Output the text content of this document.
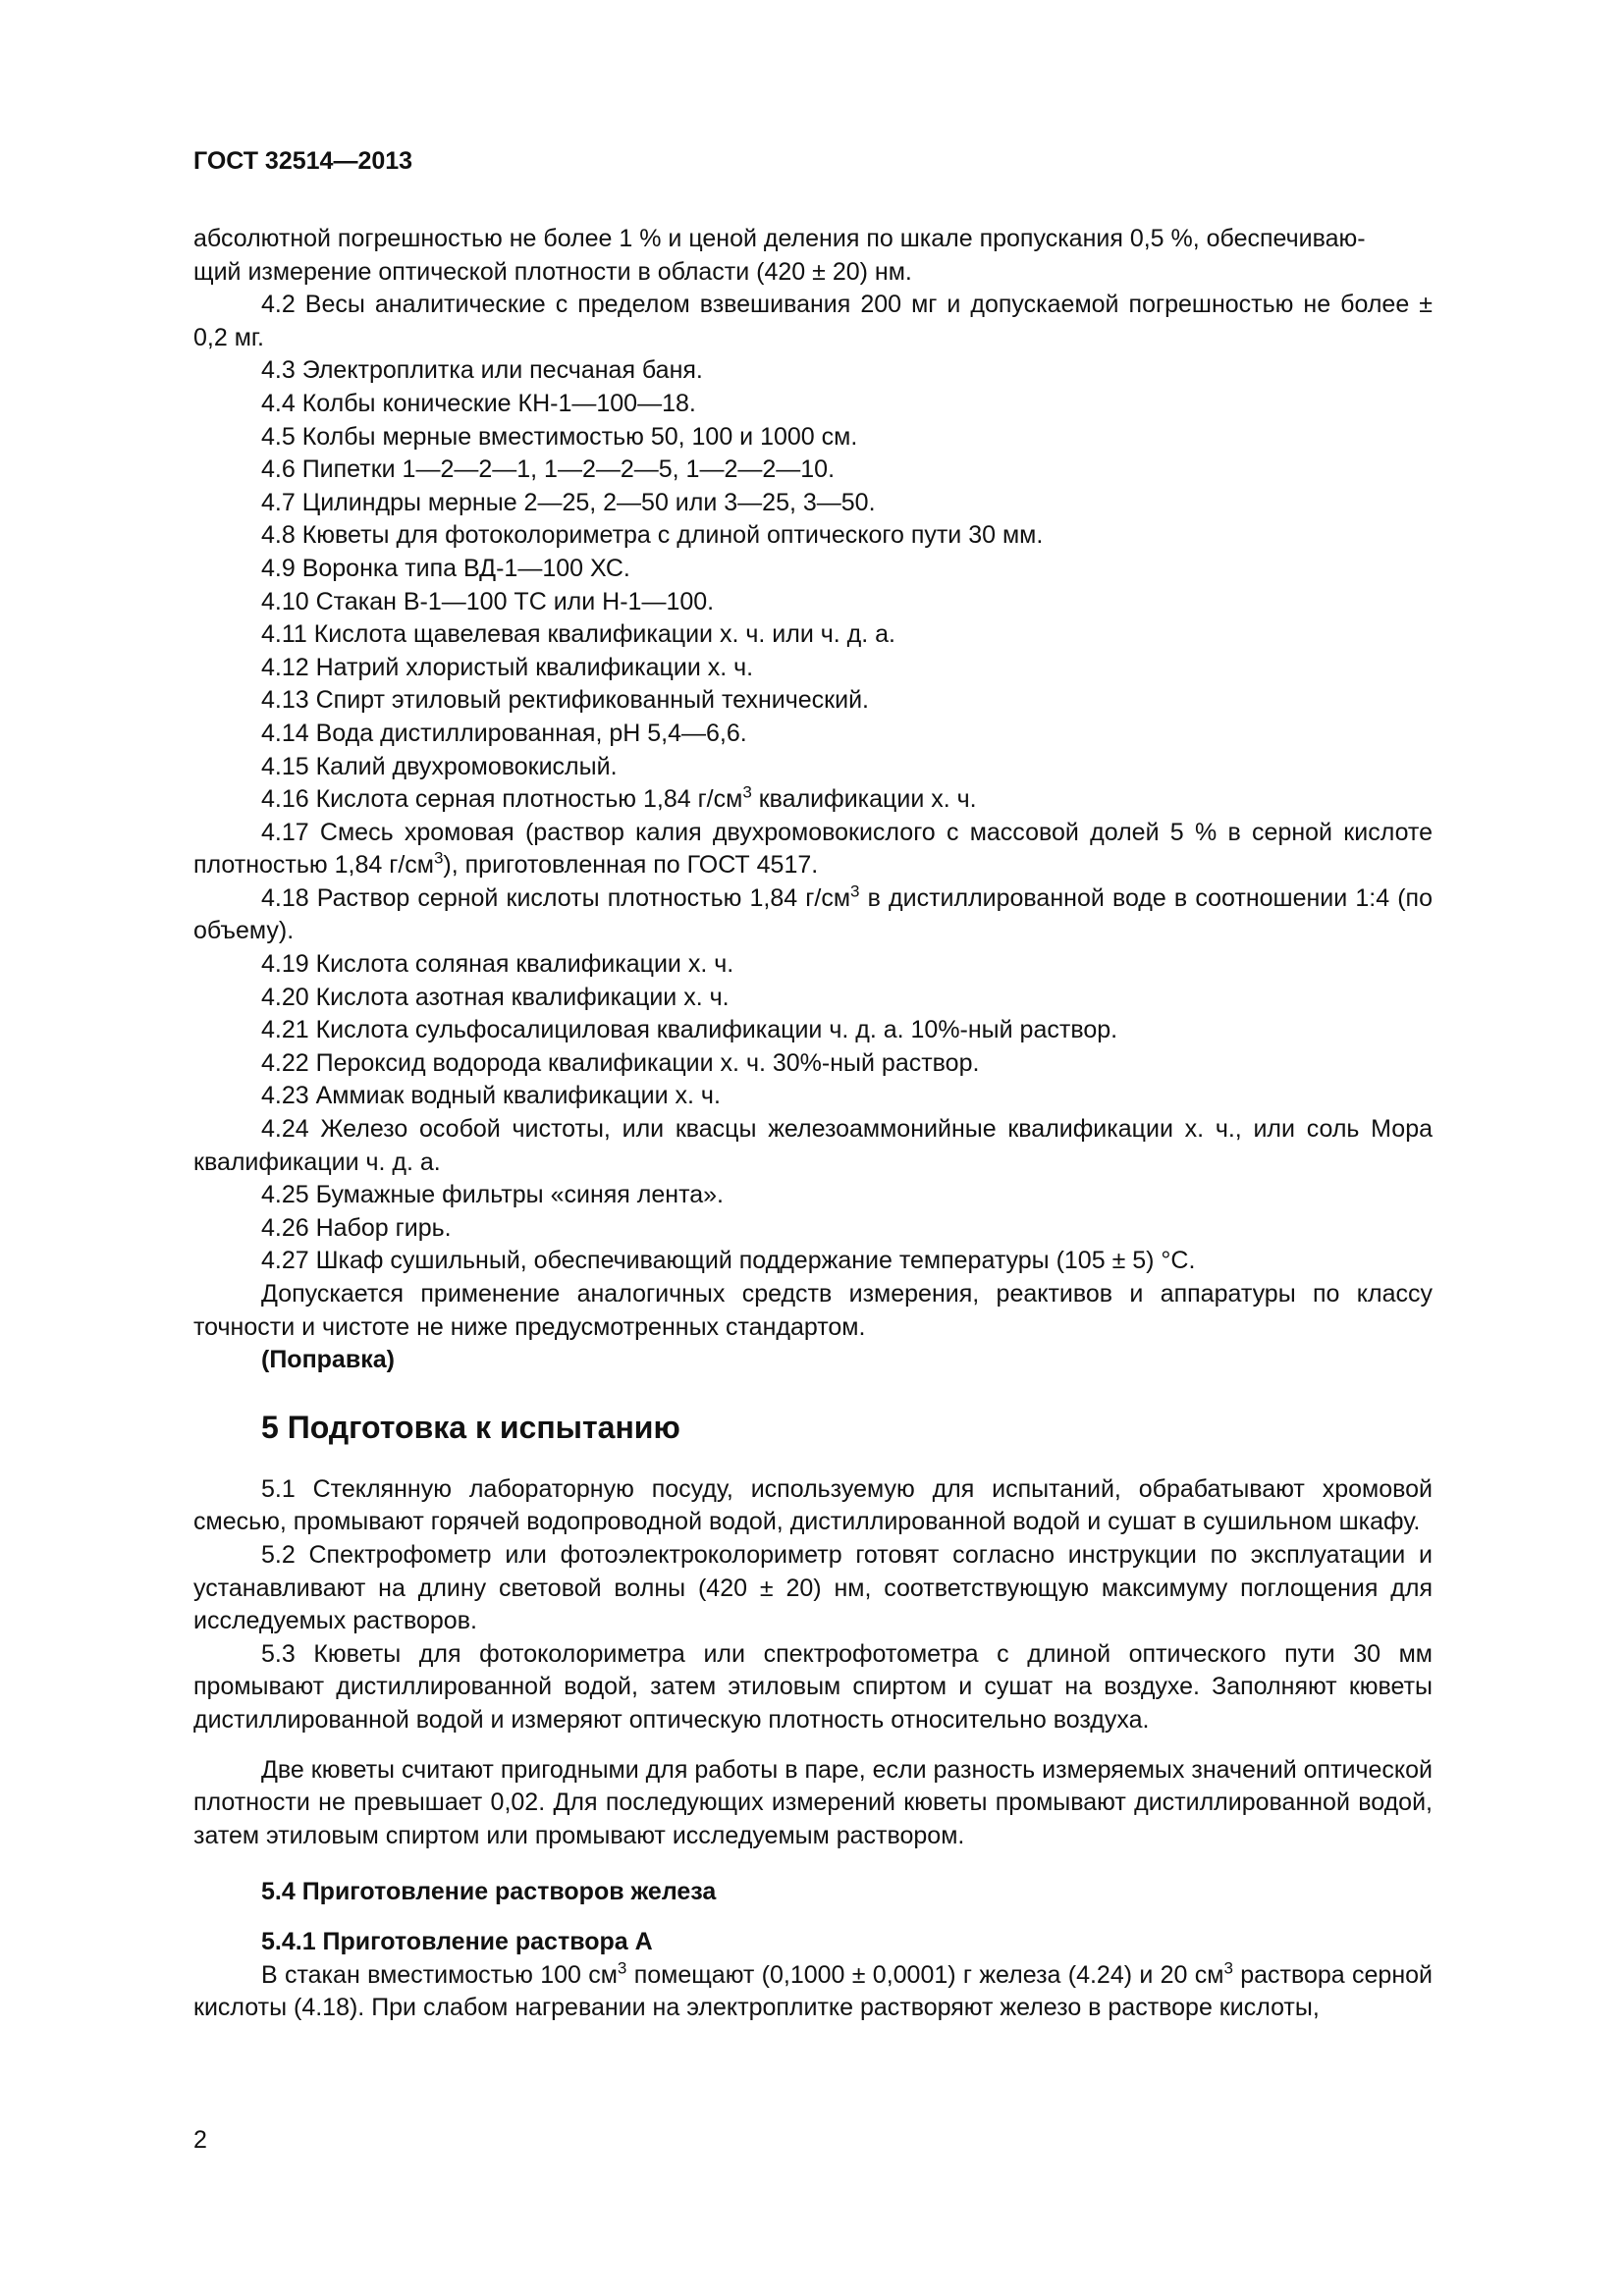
ГОСТ 32514—2013

абсолютной погрешностью не более 1 % и ценой деления по шкале пропускания 0,5 %, обеспечиваю-
щий измерение оптической плотности в области (420 ± 20) нм.

4.2 Весы аналитические с пределом взвешивания 200 мг и допускаемой погрешностью не более ± 0,2 мг.

4.3 Электроплитка или песчаная баня.

4.4 Колбы конические КН-1—100—18.

4.5 Колбы мерные вместимостью 50, 100 и 1000 см.

4.6 Пипетки 1—2—2—1, 1—2—2—5, 1—2—2—10.

4.7 Цилиндры мерные 2—25, 2—50 или 3—25, 3—50.

4.8 Кюветы для фотоколориметра с длиной оптического пути 30 мм.

4.9 Воронка типа ВД-1—100 ХС.

4.10 Стакан В-1—100 ТС или Н-1—100.

4.11 Кислота щавелевая квалификации х. ч. или ч. д. а.

4.12 Натрий хлористый квалификации х. ч.

4.13 Спирт этиловый ректификованный технический.

4.14 Вода дистиллированная, рН 5,4—6,6.

4.15 Калий двухромовокислый.

4.16 Кислота серная плотностью 1,84 $г/см^3$ квалификации х. ч.

4.17 Смесь хромовая (раствор калия двухромовокислого с массовой долей 5 % в серной кислоте плотностью 1,84 $г/см^3$), приготовленная по ГОСТ 4517.

4.18 Раствор серной кислоты плотностью 1,84 $г/см^3$ в дистиллированной воде в соотношении 1:4 (по объему).

4.19 Кислота соляная квалификации х. ч.

4.20 Кислота азотная квалификации х. ч.

4.21 Кислота сульфосалициловая квалификации ч. д. а. 10%-ный раствор.

4.22 Пероксид водорода квалификации х. ч. 30%-ный раствор.

4.23 Аммиак водный квалификации х. ч.

4.24 Железо особой чистоты, или квасцы железоаммонийные квалификации х. ч., или соль Мора квалификации ч. д. а.

4.25 Бумажные фильтры «синяя лента».

4.26 Набор гирь.

4.27 Шкаф сушильный, обеспечивающий поддержание температуры (105 ± 5) °С.

Допускается применение аналогичных средств измерения, реактивов и аппаратуры по классу точности и чистоте не ниже предусмотренных стандартом.

(Поправка)

5 Подготовка к испытанию

5.1 Стеклянную лабораторную посуду, используемую для испытаний, обрабатывают хромовой смесью, промывают горячей водопроводной водой, дистиллированной водой и сушат в сушильном шкафу.

5.2 Спектрофометр или фотоэлектроколориметр готовят согласно инструкции по эксплуатации и устанавливают на длину световой волны (420 ± 20) нм, соответствующую максимуму поглощения для исследуемых растворов.

5.3 Кюветы для фотоколориметра или спектрофотометра с длиной оптического пути 30 мм промывают дистиллированной водой, затем этиловым спиртом и сушат на воздухе. Заполняют кюветы дистиллированной водой и измеряют оптическую плотность относительно воздуха.

Две кюветы считают пригодными для работы в паре, если разность измеряемых значений оптической плотности не превышает 0,02. Для последующих измерений кюветы промывают дистиллированной водой, затем этиловым спиртом или промывают исследуемым раствором.

5.4 Приготовление растворов железа
5.4.1 Приготовление раствора А

В стакан вместимостью 100 $см^3$ помещают (0,1000 ± 0,0001) г железа (4.24) и 20 $см^3$ раствора серной кислоты (4.18). При слабом нагревании на электроплитке растворяют железо в растворе кислоты,

2
